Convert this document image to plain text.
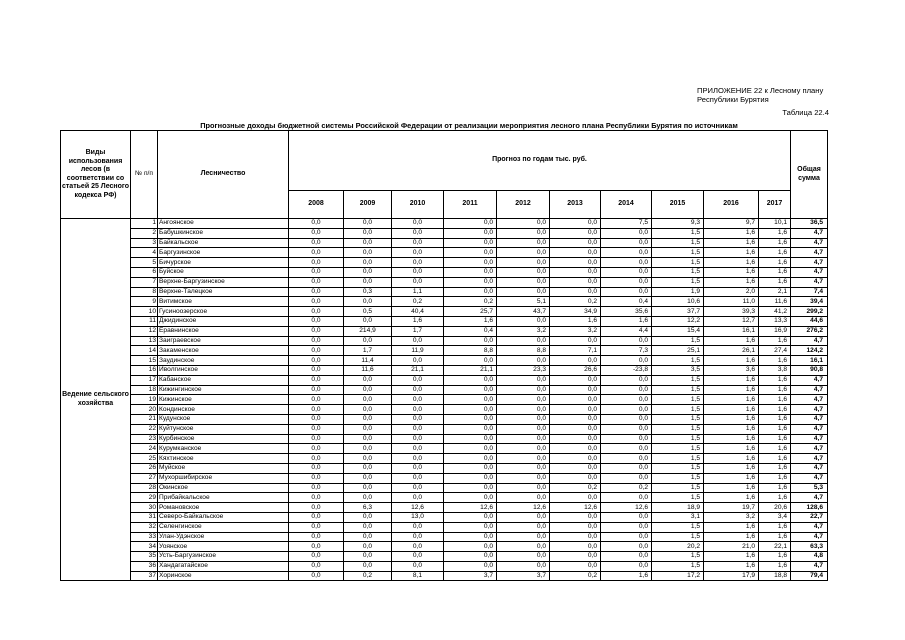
ПРИЛОЖЕНИЕ 22 к Лесному плану
Республики Бурятия
Таблица 22.4
Прогнозные доходы бюджетной системы Российской Федерации от реализации мероприятия лесного плана Республики Бурятия по источникам
Виды использования лесов (в соответствии со статьей 25 Лесного кодекса РФ)	№ п/п	Лесничество	Прогноз по годам тыс. руб.										Общая сумма
			2008	2009	2010	2011	2012	2013	2014	2015	2016	2017	
Ведение сельского хозяйства	1	Ангоянское	0,0	0,0	0,0	0,0	0,0	0,0	7,5	9,3	9,7	10,1	36,5
	2	Бабушкинское	0,0	0,0	0,0	0,0	0,0	0,0	0,0	1,5	1,6	1,6	4,7
	3	Байкальское	0,0	0,0	0,0	0,0	0,0	0,0	0,0	1,5	1,6	1,6	4,7
	4	Баргузинское	0,0	0,0	0,0	0,0	0,0	0,0	0,0	1,5	1,6	1,6	4,7
	5	Бичурское	0,0	0,0	0,0	0,0	0,0	0,0	0,0	1,5	1,6	1,6	4,7
	6	Буйское	0,0	0,0	0,0	0,0	0,0	0,0	0,0	1,5	1,6	1,6	4,7
	7	Верхне-Баргузинское	0,0	0,0	0,0	0,0	0,0	0,0	0,0	1,5	1,6	1,6	4,7
	8	Верхне-Талецкое	0,0	0,3	1,1	0,0	0,0	0,0	0,0	1,9	2,0	2,1	7,4
	9	Витимское	0,0	0,0	0,2	0,2	5,1	0,2	0,4	10,6	11,0	11,6	39,4
	10	Гусиноозерское	0,0	0,5	40,4	25,7	43,7	34,9	35,6	37,7	39,3	41,2	299,2
	11	Джидинское	0,0	0,0	1,6	1,6	0,0	1,6	1,6	12,2	12,7	13,3	44,6
	12	Еравнинское	0,0	214,9	1,7	0,4	3,2	3,2	4,4	15,4	16,1	16,9	276,2
	13	Заиграевское	0,0	0,0	0,0	0,0	0,0	0,0	0,0	1,5	1,6	1,6	4,7
	14	Закаменское	0,0	1,7	11,9	8,8	8,8	7,1	7,3	25,1	26,1	27,4	124,2
	15	Заудинское	0,0	11,4	0,0	0,0	0,0	0,0	0,0	1,5	1,6	1,6	16,1
	16	Иволгинское	0,0	11,6	21,1	21,1	23,3	26,6	-23,8	3,5	3,6	3,8	90,8
	17	Кабанское	0,0	0,0	0,0	0,0	0,0	0,0	0,0	1,5	1,6	1,6	4,7
	18	Кижингинское	0,0	0,0	0,0	0,0	0,0	0,0	0,0	1,5	1,6	1,6	4,7
	19	Кижинское	0,0	0,0	0,0	0,0	0,0	0,0	0,0	1,5	1,6	1,6	4,7
	20	Кондинское	0,0	0,0	0,0	0,0	0,0	0,0	0,0	1,5	1,6	1,6	4,7
	21	Кудунское	0,0	0,0	0,0	0,0	0,0	0,0	0,0	1,5	1,6	1,6	4,7
	22	Куйтунское	0,0	0,0	0,0	0,0	0,0	0,0	0,0	1,5	1,6	1,6	4,7
	23	Курбинское	0,0	0,0	0,0	0,0	0,0	0,0	0,0	1,5	1,6	1,6	4,7
	24	Курумканское	0,0	0,0	0,0	0,0	0,0	0,0	0,0	1,5	1,6	1,6	4,7
	25	Кяхтинское	0,0	0,0	0,0	0,0	0,0	0,0	0,0	1,5	1,6	1,6	4,7
	26	Муйское	0,0	0,0	0,0	0,0	0,0	0,0	0,0	1,5	1,6	1,6	4,7
	27	Мухоршибирское	0,0	0,0	0,0	0,0	0,0	0,0	0,0	1,5	1,6	1,6	4,7
	28	Окинское	0,0	0,0	0,0	0,0	0,0	0,2	0,2	1,5	1,6	1,6	5,3
	29	Прибайкальское	0,0	0,0	0,0	0,0	0,0	0,0	0,0	1,5	1,6	1,6	4,7
	30	Романовское	0,0	6,3	12,6	12,6	12,6	12,6	12,6	18,9	19,7	20,6	128,6
	31	Северо-Байкальское	0,0	0,0	13,0	0,0	0,0	0,0	0,0	3,1	3,2	3,4	22,7
	32	Селенгинское	0,0	0,0	0,0	0,0	0,0	0,0	0,0	1,5	1,6	1,6	4,7
	33	Улан-Удэнское	0,0	0,0	0,0	0,0	0,0	0,0	0,0	1,5	1,6	1,6	4,7
	34	Уоянское	0,0	0,0	0,0	0,0	0,0	0,0	0,0	20,2	21,0	22,1	63,3
	35	Усть-Баргузинское	0,0	0,0	0,0	0,0	0,0	0,0	0,0	1,5	1,6	1,6	4,8
	36	Хандагатайское	0,0	0,0	0,0	0,0	0,0	0,0	0,0	1,5	1,6	1,6	4,7
	37	Хоринское	0,0	0,2	8,1	3,7	3,7	0,2	1,6	17,2	17,9	18,8	79,4
